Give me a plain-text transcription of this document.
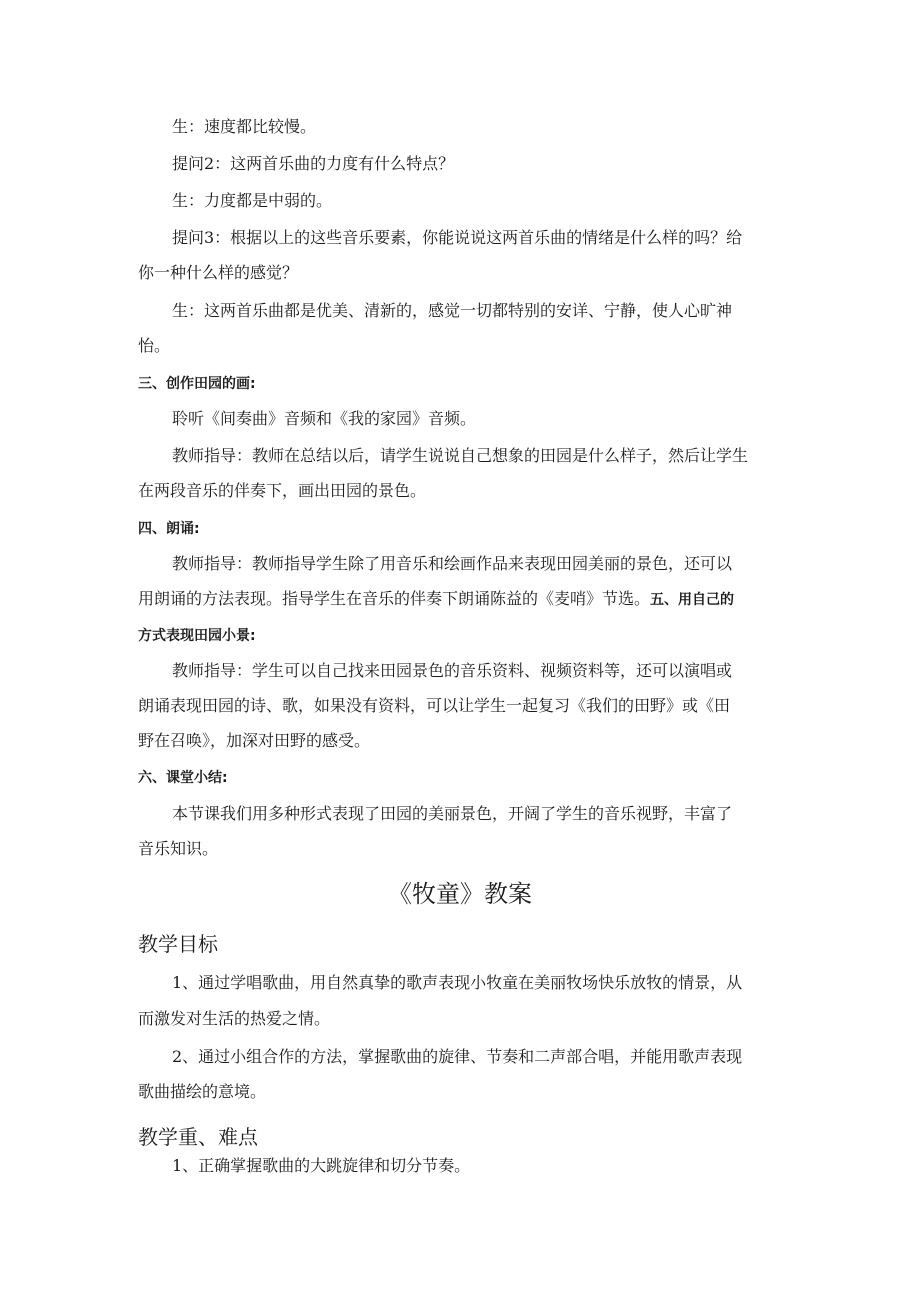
生：速度都比较慢。

提问2：这两首乐曲的力度有什么特点？

生：力度都是中弱的。

提问3：根据以上的这些音乐要素，你能说说这两首乐曲的情绪是什么样的吗？给

你一种什么样的感觉？

生：这两首乐曲都是优美、清新的，感觉一切都特别的安详、宁静，使人心旷神

怡。

三、创作田园的画:

聆听《间奏曲》音频和《我的家园》音频。

教师指导：教师在总结以后，请学生说说自己想象的田园是什么样子，然后让学生

在两段音乐的伴奏下，画出田园的景色。

四、朗诵:

教师指导：教师指导学生除了用音乐和绘画作品来表现田园美丽的景色，还可以

用朗诵的方法表现。指导学生在音乐的伴奏下朗诵陈益的《麦哨》节选。五、用自己的

方式表现田园小景:

教师指导：学生可以自己找来田园景色的音乐资料、视频资料等，还可以演唱或

朗诵表现田园的诗、歌，如果没有资料，可以让学生一起复习《我们的田野》或《田

野在召唤》，加深对田野的感受。

六、课堂小结:

本节课我们用多种形式表现了田园的美丽景色，开阔了学生的音乐视野，丰富了

音乐知识。

《牧童》教案
教学目标

1、通过学唱歌曲，用自然真挚的歌声表现小牧童在美丽牧场快乐放牧的情景，从

而激发对生活的热爱之情。

2、通过小组合作的方法，掌握歌曲的旋律、节奏和二声部合唱，并能用歌声表现

歌曲描绘的意境。

教学重、难点

1、正确掌握歌曲的大跳旋律和切分节奏。
